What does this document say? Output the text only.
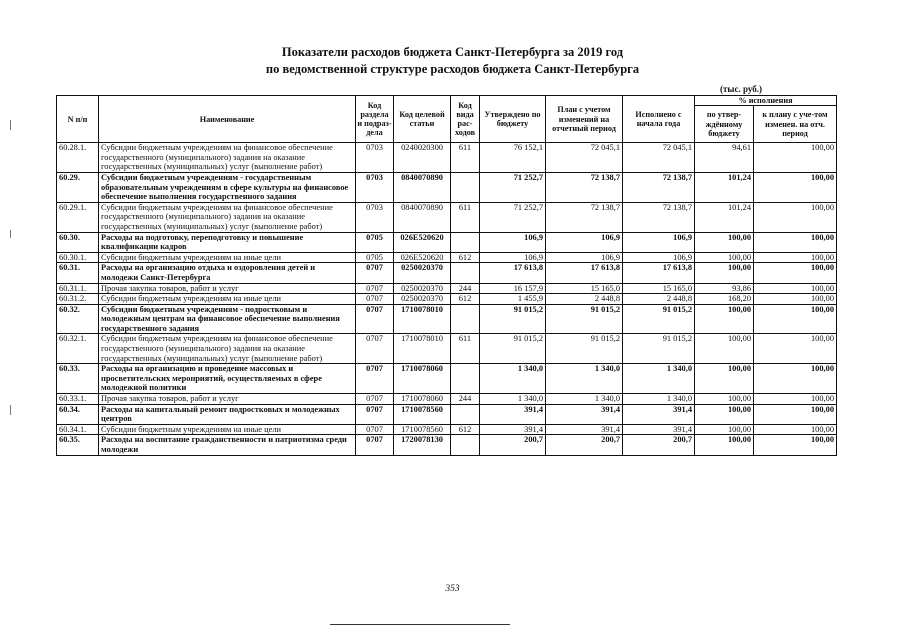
Показатели расходов бюджета Санкт-Петербурга за 2019 год
по ведомственной структуре расходов бюджета Санкт-Петербурга
(тыс. руб.)
N п/п	Наименование	Код раздела и подраз-дела	Код целевой статьи	Код вида рас-ходов	Утверждено по бюджету	План с учетом изменений на отчетный период	Исполнено с начала года	% исполнения	
								по утвер-ждённому бюджету	к плану с уче-том изменен. на отч. период
60.28.1.	Субсидии бюджетным учреждениям на финансовое обеспечение государственного (муниципального) задания на оказание государственных (муниципальных) услуг (выполнение работ)	0703	0240020300	611	76 152,1	72 045,1	72 045,1	94,61	100,00
60.29.	Субсидии бюджетным учреждениям - государственным образовательным учреждениям в сфере культуры на финансовое обеспечение выполнения государственного задания	0703	0840070890		71 252,7	72 138,7	72 138,7	101,24	100,00
60.29.1.	Субсидии бюджетным учреждениям на финансовое обеспечение государственного (муниципального) задания на оказание государственных (муниципальных) услуг (выполнение работ)	0703	0840070890	611	71 252,7	72 138,7	72 138,7	101,24	100,00
60.30.	Расходы на подготовку, переподготовку и повышение квалификации кадров	0705	026Е520620		106,9	106,9	106,9	100,00	100,00
60.30.1.	Субсидии бюджетным учреждениям на иные цели	0705	026Е520620	612	106,9	106,9	106,9	100,00	100,00
60.31.	Расходы на организацию отдыха и оздоровления детей и молодежи Санкт-Петербурга	0707	0250020370		17 613,8	17 613,8	17 613,8	100,00	100,00
60.31.1.	Прочая закупка товаров, работ и услуг	0707	0250020370	244	16 157,9	15 165,0	15 165,0	93,86	100,00
60.31.2.	Субсидии бюджетным учреждениям на иные цели	0707	0250020370	612	1 455,9	2 448,8	2 448,8	168,20	100,00
60.32.	Субсидии бюджетным учреждениям - подростковым и молодежным центрам на финансовое обеспечение выполнения государственного задания	0707	1710078010		91 015,2	91 015,2	91 015,2	100,00	100,00
60.32.1.	Субсидии бюджетным учреждениям на финансовое обеспечение государственного (муниципального) задания на оказание государственных (муниципальных) услуг (выполнение работ)	0707	1710078010	611	91 015,2	91 015,2	91 015,2	100,00	100,00
60.33.	Расходы на организацию и проведение массовых и просветительских мероприятий, осуществляемых в сфере молодежной политики	0707	1710078060		1 340,0	1 340,0	1 340,0	100,00	100,00
60.33.1.	Прочая закупка товаров, работ и услуг	0707	1710078060	244	1 340,0	1 340,0	1 340,0	100,00	100,00
60.34.	Расходы на капитальный ремонт подростковых и молодежных центров	0707	1710078560		391,4	391,4	391,4	100,00	100,00
60.34.1.	Субсидии бюджетным учреждениям на иные цели	0707	1710078560	612	391,4	391,4	391,4	100,00	100,00
60.35.	Расходы на воспитание гражданственности и патриотизма среди молодежи	0707	1720078130		200,7	200,7	200,7	100,00	100,00
353
